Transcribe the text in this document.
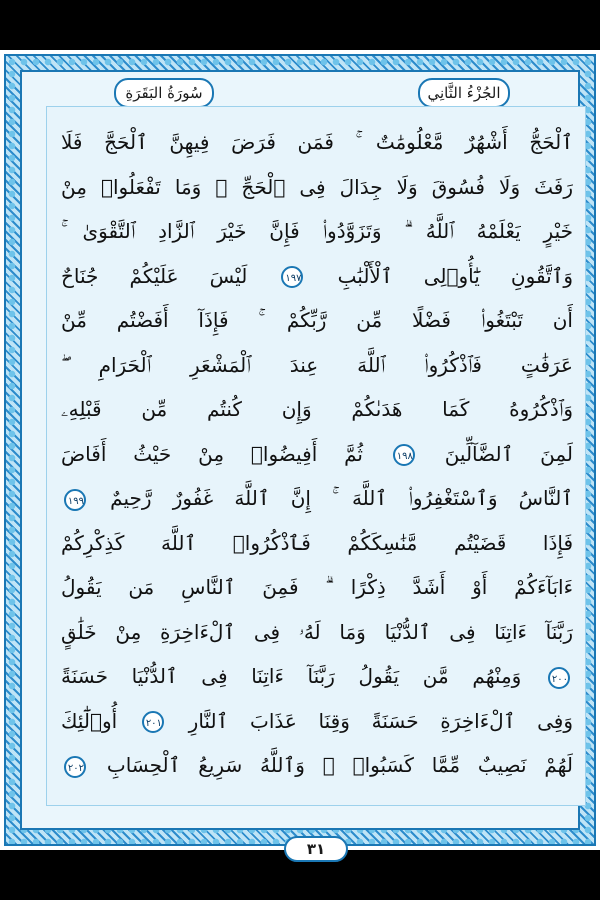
الجُزْءُ الثَّانِي
سُورَةُ البَقَرَةِ
ٱلْحَجُّ أَشْهُرٌ مَّعْلُومَٰتٌ ۚ فَمَن فَرَضَ فِيهِنَّ ٱلْحَجَّ فَلَا
رَفَثَ وَلَا فُسُوقَ وَلَا جِدَالَ فِى ٱلْحَجِّ ۗ وَمَا تَفْعَلُوا۟ مِنْ
خَيْرٍ يَعْلَمْهُ ٱللَّهُ ۗ وَتَزَوَّدُوا۟ فَإِنَّ خَيْرَ ٱلزَّادِ ٱلتَّقْوَىٰ ۚ
وَٱتَّقُونِ يَٰٓأُو۟لِى ٱلْأَلْبَٰبِ ١٩٧ لَيْسَ عَلَيْكُمْ جُنَاحٌ
أَن تَبْتَغُوا۟ فَضْلًا مِّن رَّبِّكُمْ ۚ فَإِذَآ أَفَضْتُم مِّنْ
عَرَفَٰتٍ فَٱذْكُرُوا۟ ٱللَّهَ عِندَ ٱلْمَشْعَرِ ٱلْحَرَامِ ۖ
وَٱذْكُرُوهُ كَمَا هَدَىٰكُمْ وَإِن كُنتُم مِّن قَبْلِهِۦ
لَمِنَ ٱلضَّآلِّينَ ١٩٨ ثُمَّ أَفِيضُوا۟ مِنْ حَيْثُ أَفَاضَ
ٱلنَّاسُ وَٱسْتَغْفِرُوا۟ ٱللَّهَ ۚ إِنَّ ٱللَّهَ غَفُورٌ رَّحِيمٌ ١٩٩
فَإِذَا قَضَيْتُم مَّنَٰسِكَكُمْ فَٱذْكُرُوا۟ ٱللَّهَ كَذِكْرِكُمْ
ءَابَآءَكُمْ أَوْ أَشَدَّ ذِكْرًا ۗ فَمِنَ ٱلنَّاسِ مَن يَقُولُ
رَبَّنَآ ءَاتِنَا فِى ٱلدُّنْيَا وَمَا لَهُۥ فِى ٱلْءَاخِرَةِ مِنْ خَلَٰقٍ
٢٠٠ وَمِنْهُم مَّن يَقُولُ رَبَّنَآ ءَاتِنَا فِى ٱلدُّنْيَا حَسَنَةً
وَفِى ٱلْءَاخِرَةِ حَسَنَةً وَقِنَا عَذَابَ ٱلنَّارِ ٢٠١ أُو۟لَٰٓئِكَ
لَهُمْ نَصِيبٌ مِّمَّا كَسَبُوا۟ ۚ وَٱللَّهُ سَرِيعُ ٱلْحِسَابِ ٢٠٢
٣١
